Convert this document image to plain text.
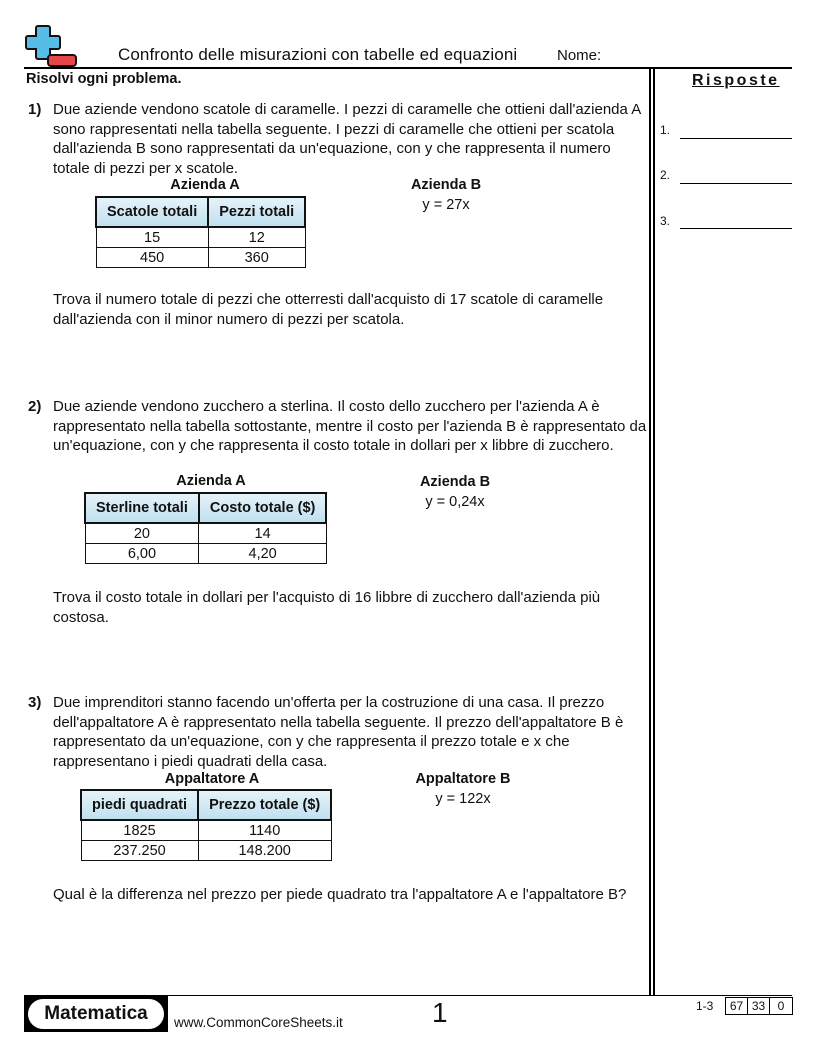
Confronto delle misurazioni con tabelle ed equazioni	Nome:
Risolvi ogni problema.	Risposte
1.
2.
3.
1) Due aziende vendono scatole di caramelle. I pezzi di caramelle che ottieni dall'azienda A sono rappresentati nella tabella seguente. I pezzi di caramelle che ottieni per scatola dall'azienda B sono rappresentati da un'equazione, con y che rappresenta il numero totale di pezzi per x scatole.
Azienda A
Scatole totali	Pezzi totali
15	12
450	360
Azienda B
y = 27x
Trova il numero totale di pezzi che otterresti dall'acquisto di 17 scatole di caramelle dall'azienda con il minor numero di pezzi per scatola.
2) Due aziende vendono zucchero a sterlina. Il costo dello zucchero per l'azienda A è rappresentato nella tabella sottostante, mentre il costo per l'azienda B è rappresentato da un'equazione, con y che rappresenta il costo totale in dollari per x libbre di zucchero.
Azienda A
Sterline totali	Costo totale ($)
20	14
6,00	4,20
Azienda B
y = 0,24x
Trova il costo totale in dollari per l'acquisto di 16 libbre di zucchero dall'azienda più costosa.
3) Due imprenditori stanno facendo un'offerta per la costruzione di una casa. Il prezzo dell'appaltatore A è rappresentato nella tabella seguente. Il prezzo dell'appaltatore B è rappresentato da un'equazione, con y che rappresenta il prezzo totale e x che rappresentano i piedi quadrati della casa.
Appaltatore A
piedi quadrati	Prezzo totale ($)
1825	1140
237.250	148.200
Appaltatore B
y = 122x
Qual è la differenza nel prezzo per piede quadrato tra l'appaltatore A e l'appaltatore B?
Matematica	www.CommonCoreSheets.it	1	1-3	67 33	0
